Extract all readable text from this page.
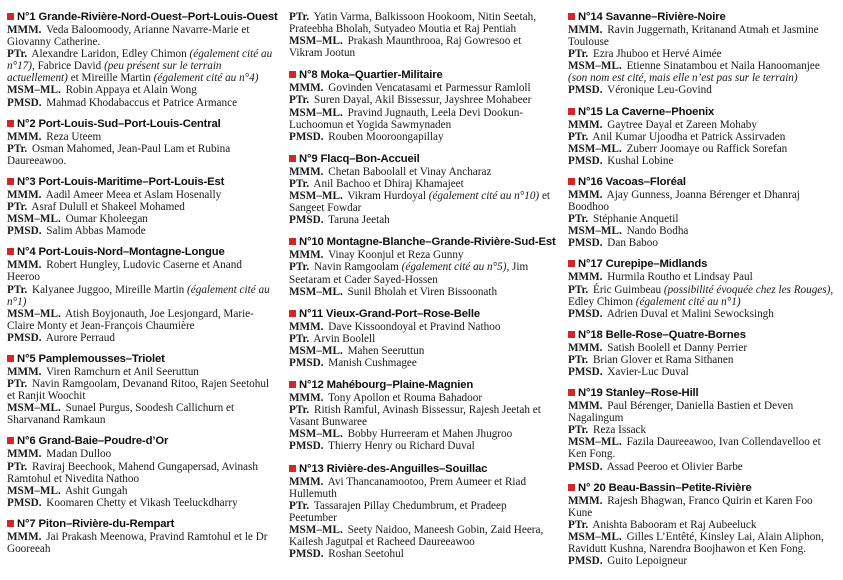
N°1 Grande-Rivière-Nord-Ouest–Port-Louis-Ouest
MMM. Veda Baloomoody, Arianne Navarre-Marie et Giovanny Catherine.
PTr. Alexandre Laridon, Edley Chimon (également cité au n°17), Fabrice David (peu présent sur le terrain actuellement) et Mireille Martin (également cité au n°4)
MSM–ML. Robin Appaya et Alain Wong
PMSD. Mahmad Khodabaccus et Patrice Armance
N°2 Port-Louis-Sud–Port-Louis-Central
MMM. Reza Uteem
PTr. Osman Mahomed, Jean-Paul Lam et Rubina Daureeawoo.
N°3 Port-Louis-Maritime–Port-Louis-Est
MMM. Aadil Ameer Meea et Aslam Hosenally
PTr. Asraf Dulull et Shakeel Mohamed
MSM–ML. Oumar Kholeegan
PMSD. Salim Abbas Mamode
N°4 Port-Louis-Nord–Montagne-Longue
MMM. Robert Hungley, Ludovic Caserne et Anand Heeroo
PTr. Kalyanee Juggoo, Mireille Martin (également cité au n°1)
MSM–ML. Atish Boyjonauth, Joe Lesjongard, Marie-Claire Monty et Jean-François Chaumière
PMSD. Aurore Perraud
N°5 Pamplemousses–Triolet
MMM. Viren Ramchurn et Anil Seeruttun
PTr. Navin Ramgoolam, Devanand Ritoo, Rajen Seetohul et Ranjit Woochit
MSM–ML. Sunael Purgus, Soodesh Callichurn et Sharvanand Ramkaun
N°6 Grand-Baie–Poudre-d’Or
MMM. Madan Dulloo
PTr. Raviraj Beechook, Mahend Gungapersad, Avinash Ramtohul et Nivedita Nathoo
MSM–ML. Ashit Gungah
PMSD. Koomaren Chetty et Vikash Teeluckdharry
N°7 Piton–Rivière-du-Rempart
MMM. Jai Prakash Meenowa, Pravind Ramtohul et le Dr Gooreeah
PTr. Yatin Varma, Balkissoon Hookoom, Nitin Seetah, Prateebha Bholah, Sutyadeo Moutia et Raj Pentiah
MSM–ML. Prakash Maunthrooa, Raj Gowresoo et Vikram Jootun
N°8 Moka–Quartier-Militaire
MMM. Govinden Vencatasami et Parmessur Ramloll
PTr. Suren Dayal, Akil Bissessur, Jayshree Mohabeer
MSM–ML. Pravind Jugnauth, Leela Devi Dookun-Luchoomun et Yogida Sawmynaden
PMSD. Rouben Mooroongapillay
N°9 Flacq–Bon-Accueil
MMM. Chetan Baboolall et Vinay Ancharaz
PTr. Anil Bachoo et Dhiraj Khamajeet
MSM–ML. Vikram Hurdoyal (également cité au n°10) et Sangeet Fowdar
PMSD. Taruna Jeetah
N°10 Montagne-Blanche–Grande-Rivière-Sud-Est
MMM. Vinay Koonjul et Reza Gunny
PTr. Navin Ramgoolam (également cité au n°5), Jim Seetaram et Cader Sayed-Hossen
MSM–ML. Sunil Bholah et Viren Bissoonath
N°11 Vieux-Grand-Port–Rose-Belle
MMM. Dave Kissoondoyal et Pravind Nathoo
PTr. Arvin Boolell
MSM–ML. Mahen Seeruttun
PMSD. Manish Cushmagee
N°12 Mahébourg–Plaine-Magnien
MMM. Tony Apollon et Rouma Bahadoor
PTr. Ritish Ramful, Avinash Bissessur, Rajesh Jeetah et Vasant Bunwaree
MSM–ML. Bobby Hurreeram et Mahen Jhugroo
PMSD. Thierry Henry ou Richard Duval
N°13 Rivière-des-Anguilles–Souillac
MMM. Avi Thancanamootoo, Prem Aumeer et Riad Hullemuth
PTr. Tassarajen Pillay Chedumbrum, et Pradeep Peetumber
MSM–ML. Seety Naidoo, Maneesh Gobin, Zaid Heera, Kailesh Jagutpal et Racheed Daureeawoo
PMSD. Roshan Seetohul
N°14 Savanne–Rivière-Noire
MMM. Ravin Juggernath, Kritanand Atmah et Jasmine Toulouse
PTr. Ezra Jhuboo et Hervé Aimée
MSM–ML. Etienne Sinatambou et Naila Hanoomanjee (son nom est cité, mais elle n’est pas sur le terrain)
PMSD. Véronique Leu-Govind
N°15 La Caverne–Phoenix
MMM. Gaytree Dayal et Zareen Mohaby
PTr. Anil Kumar Ujoodha et Patrick Assirvaden
MSM–ML. Zuberr Joomaye ou Raffick Sorefan
PMSD. Kushal Lobine
N°16 Vacoas–Floréal
MMM. Ajay Gunness, Joanna Bérenger et Dhanraj Boodhoo
PTr. Stéphanie Anquetil
MSM–ML. Nando Bodha
PMSD. Dan Baboo
N°17 Curepipe–Midlands
MMM. Hurmila Routho et Lindsay Paul
PTr. Éric Guimbeau (possibilité évoquée chez les Rouges), Edley Chimon (également cité au n°1)
PMSD. Adrien Duval et Malini Sewocksingh
N°18 Belle-Rose–Quatre-Bornes
MMM. Satish Boolell et Danny Perrier
PTr. Brian Glover et Rama Sithanen
PMSD. Xavier-Luc Duval
N°19 Stanley–Rose-Hill
MMM. Paul Bérenger, Daniella Bastien et Deven Nagalingum
PTr. Reza Issack
MSM–ML. Fazila Daureeawoo, Ivan Collendavelloo et Ken Fong.
PMSD. Assad Peeroo et Olivier Barbe
N° 20 Beau-Bassin–Petite-Rivière
MMM. Rajesh Bhagwan, Franco Quirin et Karen Foo Kune
PTr. Anishta Babooram et Raj Aubeeluck
MSM–ML. Gilles L’Entêté, Kinsley Lai, Alain Aliphon, Ravidutt Kushna, Narendra Boojhawon et Ken Fong.
PMSD. Guito Lepoigneur
